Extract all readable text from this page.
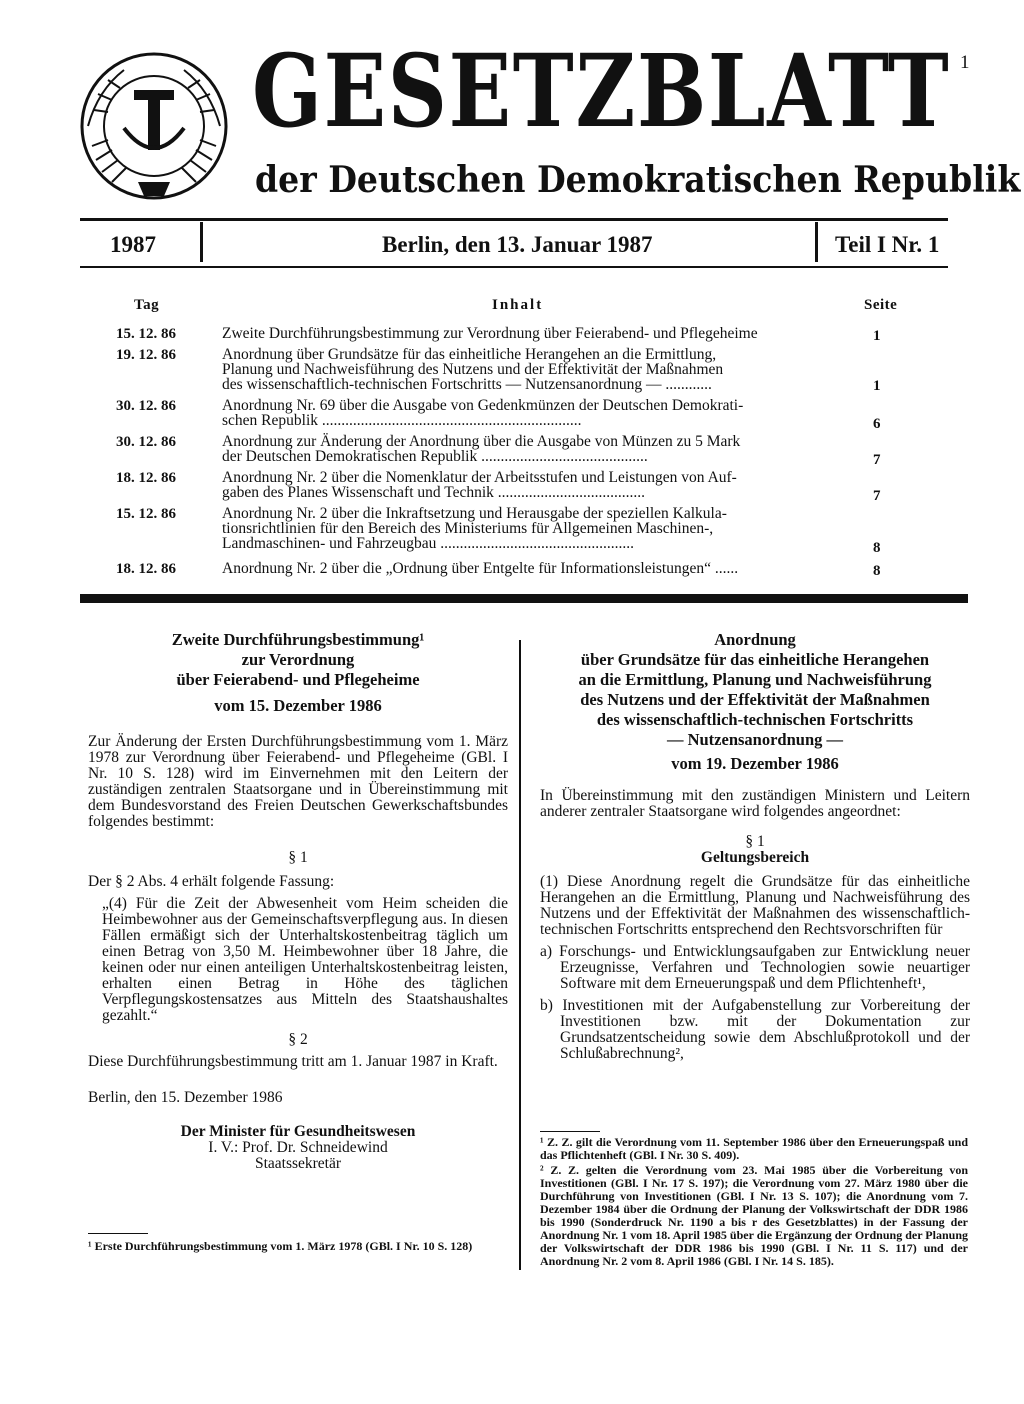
GESETZBLATT
der Deutschen Demokratischen Republik
1
1987	Berlin, den 13. Januar 1987	Teil I Nr. 1
Tag	Inhalt	Seite
15. 12. 86	Zweite Durchführungsbestimmung zur Verordnung über Feierabend- und Pflegeheime	1
19. 12. 86	Anordnung über Grundsätze für das einheitliche Herangehen an die Ermittlung,
Planung und Nachweisführung des Nutzens und der Effektivität der Maßnahmen
des wissenschaftlich-technischen Fortschritts — Nutzensanordnung — ............	1
30. 12. 86	Anordnung Nr. 69 über die Ausgabe von Gedenkmünzen der Deutschen Demokrati-
schen Republik ...................................................................	6
30. 12. 86	Anordnung zur Änderung der Anordnung über die Ausgabe von Münzen zu 5 Mark
der Deutschen Demokratischen Republik ...........................................	7
18. 12. 86	Anordnung Nr. 2 über die Nomenklatur der Arbeitsstufen und Leistungen von Auf-
gaben des Planes Wissenschaft und Technik ......................................	7
15. 12. 86	Anordnung Nr. 2 über die Inkraftsetzung und Herausgabe der speziellen Kalkula-
tionsrichtlinien für den Bereich des Ministeriums für Allgemeinen Maschinen-,
Landmaschinen- und Fahrzeugbau ..................................................	8
18. 12. 86	Anordnung Nr. 2 über die „Ordnung über Entgelte für Informationsleistungen“ ......	8
Zweite Durchführungsbestimmung¹
zur Verordnung
über Feierabend- und Pflegeheime
vom 15. Dezember 1986

Zur Änderung der Ersten Durchführungsbestimmung vom 1. März 1978 zur Verordnung über Feierabend- und Pflegeheime (GBl. I Nr. 10 S. 128) wird im Einvernehmen mit den Leitern der zuständigen zentralen Staatsorgane und in Übereinstimmung mit dem Bundesvorstand des Freien Deutschen Gewerkschaftsbundes folgendes bestimmt:

§ 1

Der § 2 Abs. 4 erhält folgende Fassung:

„(4) Für die Zeit der Abwesenheit vom Heim scheiden die Heimbewohner aus der Gemeinschaftsverpflegung aus. In diesen Fällen ermäßigt sich der Unterhaltskostenbeitrag täglich um einen Betrag von 3,50 M. Heimbewohner über 18 Jahre, die keinen oder nur einen anteiligen Unterhaltskostenbeitrag leisten, erhalten einen Betrag in Höhe des täglichen Verpflegungskostensatzes aus Mitteln des Staatshaushaltes gezahlt.“

§ 2

Diese Durchführungsbestimmung tritt am 1. Januar 1987 in Kraft.

Berlin, den 15. Dezember 1986

Der Minister für Gesundheitswesen
I. V.: Prof. Dr. Schneidewind
Staatssekretär
¹ Erste Durchführungsbestimmung vom 1. März 1978 (GBl. I Nr. 10 S. 128)
Anordnung
über Grundsätze für das einheitliche Herangehen
an die Ermittlung, Planung und Nachweisführung
des Nutzens und der Effektivität der Maßnahmen
des wissenschaftlich-technischen Fortschritts
— Nutzensanordnung —
vom 19. Dezember 1986

In Übereinstimmung mit den zuständigen Ministern und Leitern anderer zentraler Staatsorgane wird folgendes angeordnet:

§ 1
Geltungsbereich

(1) Diese Anordnung regelt die Grundsätze für das einheitliche Herangehen an die Ermittlung, Planung und Nachweisführung des Nutzens und der Effektivität der Maßnahmen des wissenschaftlich-technischen Fortschritts entsprechend den Rechtsvorschriften für

a) Forschungs- und Entwicklungsaufgaben zur Entwicklung neuer Erzeugnisse, Verfahren und Technologien sowie neuartiger Software mit dem Erneuerungspaß und dem Pflichtenheft¹,

b) Investitionen mit der Aufgabenstellung zur Vorbereitung der Investitionen bzw. mit der Dokumentation zur Grundsatzentscheidung sowie dem Abschlußprotokoll und der Schlußabrechnung²,

¹ Z. Z. gilt die Verordnung vom 11. September 1986 über den Erneuerungspaß und das Pflichtenheft (GBl. I Nr. 30 S. 409).

² Z. Z. gelten die Verordnung vom 23. Mai 1985 über die Vorbereitung von Investitionen (GBl. I Nr. 17 S. 197); die Verordnung vom 27. März 1980 über die Durchführung von Investitionen (GBl. I Nr. 13 S. 107); die Anordnung vom 7. Dezember 1984 über die Ordnung der Planung der Volkswirtschaft der DDR 1986 bis 1990 (Sonderdruck Nr. 1190 a bis r des Gesetzblattes) in der Fassung der Anordnung Nr. 1 vom 18. April 1985 über die Ergänzung der Ordnung der Planung der Volkswirtschaft der DDR 1986 bis 1990 (GBl. I Nr. 11 S. 117) und der Anordnung Nr. 2 vom 8. April 1986 (GBl. I Nr. 14 S. 185).
